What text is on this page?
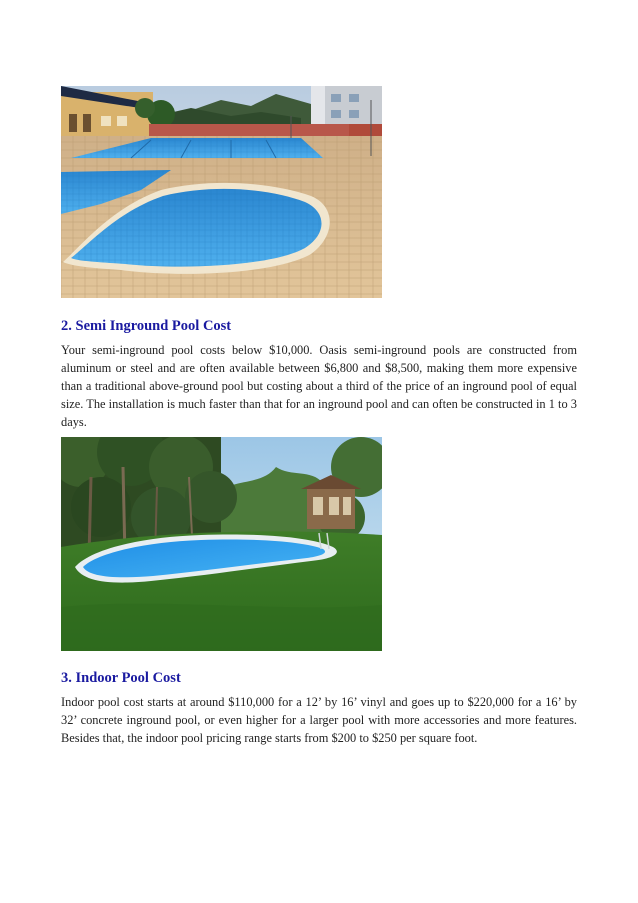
2. Semi Inground Pool Cost

Your semi-inground pool costs below $10,000. Oasis semi-inground pools are constructed from aluminum or steel and are often available between $6,800 and $8,500, making them more expensive than a traditional above-ground pool but costing about a third of the price of an inground pool of equal size. The installation is much faster than that for an inground pool and can often be constructed in 1 to 3 days.

3. Indoor Pool Cost

Indoor pool cost starts at around $110,000 for a 12’ by 16’ vinyl and goes up to $220,000 for a 16’ by 32’ concrete inground pool, or even higher for a larger pool with more accessories and more features. Besides that, the indoor pool pricing range starts from $200 to $250 per square foot.
